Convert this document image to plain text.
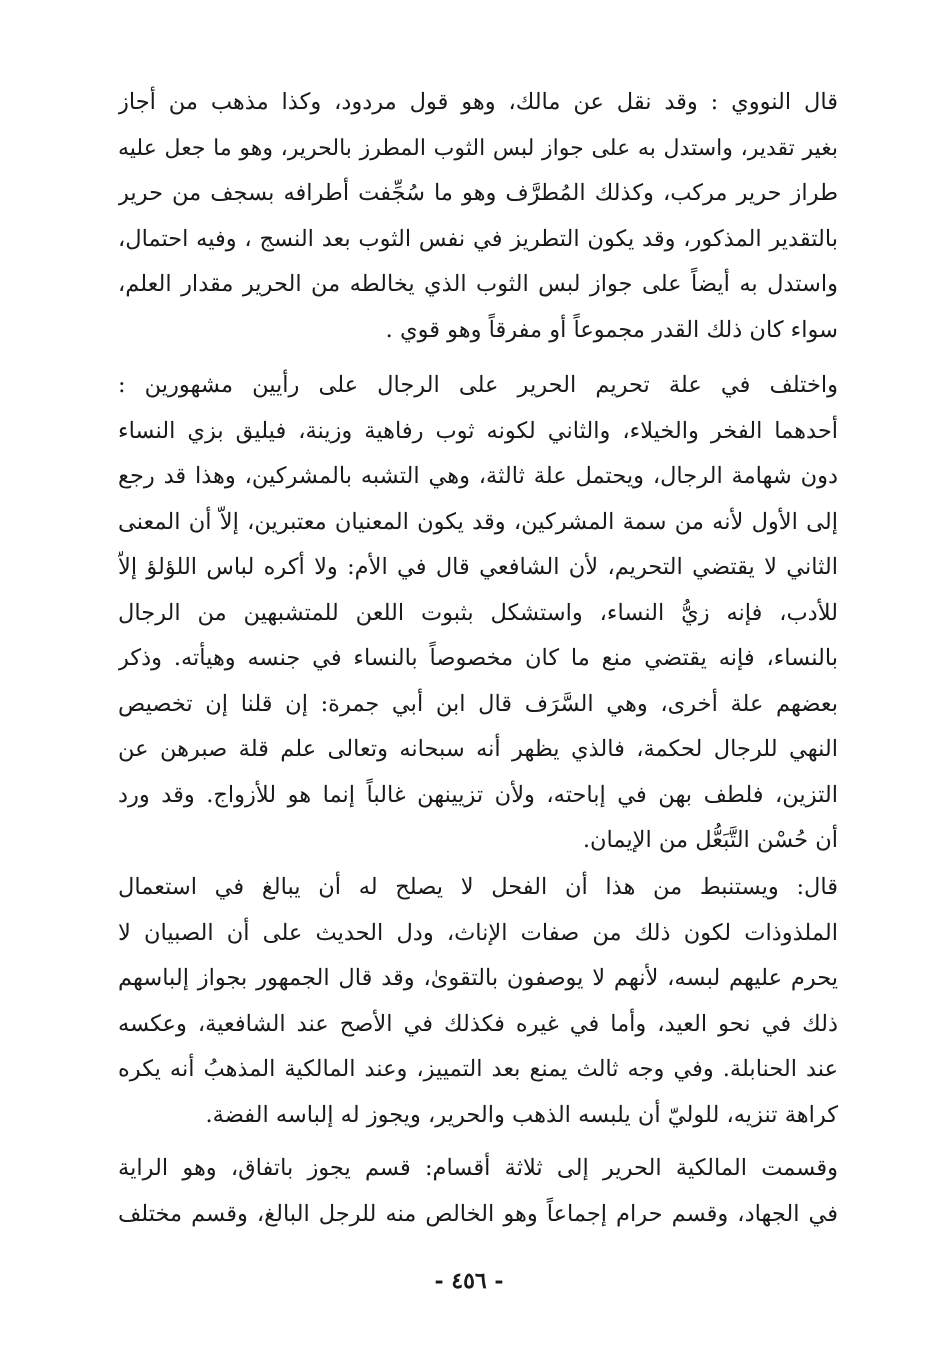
قال النووي : وقد نقل عن مالك، وهو قول مردود، وكذا مذهب من أجاز
بغير تقدير، واستدل به على جواز لبس الثوب المطرز بالحرير، وهو ما جعل عليه
طراز حرير مركب، وكذلك المُطرَّف وهو ما سُجِّفت أطرافه بسجف من حرير
بالتقدير المذكور، وقد يكون التطريز في نفس الثوب بعد النسج ، وفيه احتمال،
واستدل به أيضاً على جواز لبس الثوب الذي يخالطه من الحرير مقدار العلم،
سواء كان ذلك القدر مجموعاً أو مفرقاً وهو قوي .
واختلف في علة تحريم الحرير على الرجال على رأيين مشهورين :
أحدهما الفخر والخيلاء، والثاني لكونه ثوب رفاهية وزينة، فيليق بزي النساء
دون شهامة الرجال، ويحتمل علة ثالثة، وهي التشبه بالمشركين، وهذا قد رجع
إلى الأول لأنه من سمة المشركين، وقد يكون المعنيان معتبرين، إلاّ أن المعنى
الثاني لا يقتضي التحريم، لأن الشافعي قال في الأم: ولا أكره لباس اللؤلؤ إلاّ
للأدب، فإنه زيُّ النساء، واستشكل بثبوت اللعن للمتشبهين من الرجال
بالنساء، فإنه يقتضي منع ما كان مخصوصاً بالنساء في جنسه وهيأته. وذكر
بعضهم علة أخرى، وهي السَّرَف قال ابن أبي جمرة: إن قلنا إن تخصيص
النهي للرجال لحكمة، فالذي يظهر أنه سبحانه وتعالى علم قلة صبرهن عن
التزين، فلطف بهن في إباحته، ولأن تزيينهن غالباً إنما هو للأزواج. وقد ورد
أن حُسْن التَّبَعُّل من الإيمان.
قال: ويستنبط من هذا أن الفحل لا يصلح له أن يبالغ في استعمال
الملذوذات لكون ذلك من صفات الإناث، ودل الحديث على أن الصبيان لا
يحرم عليهم لبسه، لأنهم لا يوصفون بالتقوىٰ، وقد قال الجمهور بجواز إلباسهم
ذلك في نحو العيد، وأما في غيره فكذلك في الأصح عند الشافعية، وعكسه
عند الحنابلة. وفي وجه ثالث يمنع بعد التمييز، وعند المالكية المذهبُ أنه يكره
كراهة تنزيه، للوليّ أن يلبسه الذهب والحرير، ويجوز له إلباسه الفضة.
وقسمت المالكية الحرير إلى ثلاثة أقسام: قسم يجوز باتفاق، وهو الراية
في الجهاد، وقسم حرام إجماعاً وهو الخالص منه للرجل البالغ، وقسم مختلف
- ٤٥٦ -
